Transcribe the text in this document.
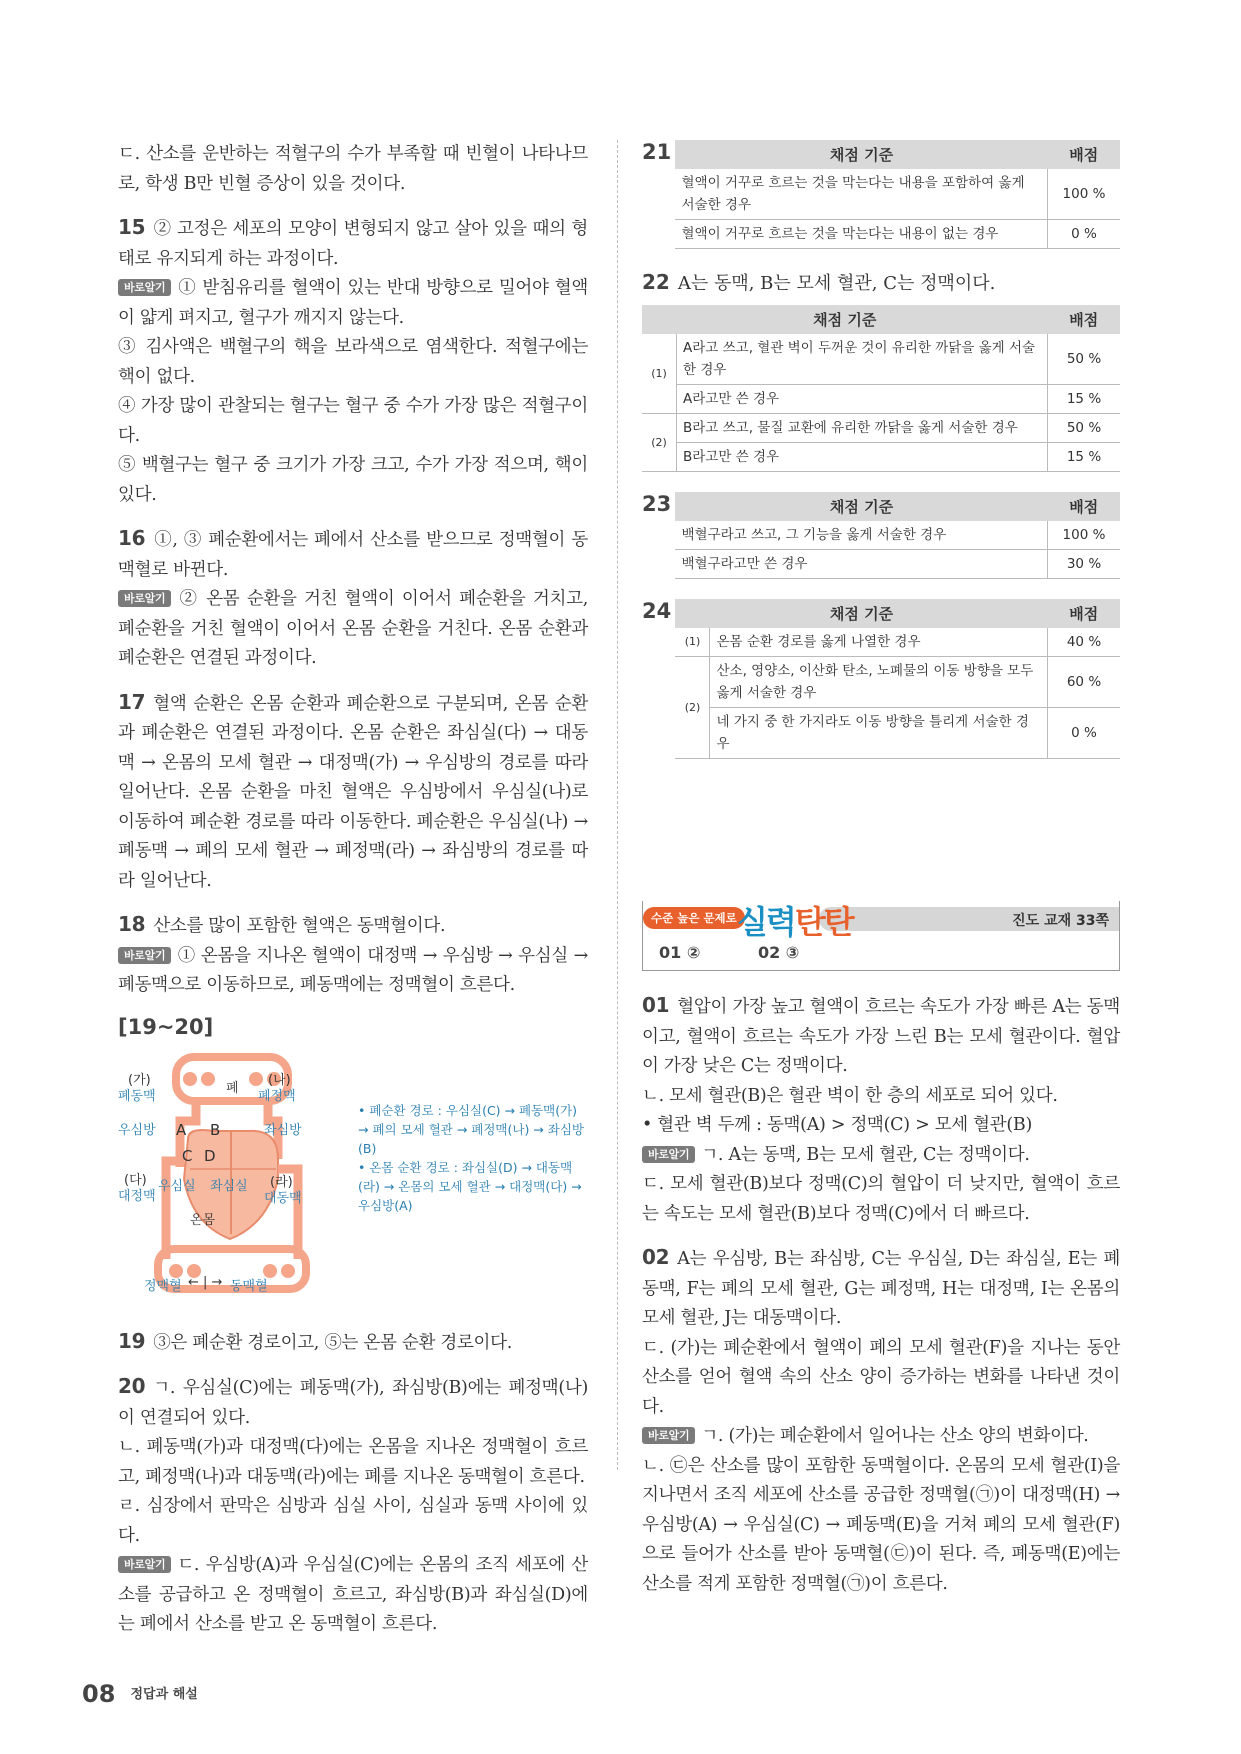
ㄷ. 산소를 운반하는 적혈구의 수가 부족할 때 빈혈이 나타나므로, 학생 B만 빈혈 증상이 있을 것이다.

15 ② 고정은 세포의 모양이 변형되지 않고 살아 있을 때의 형태로 유지되게 하는 과정이다.

바로알기 ① 받침유리를 혈액이 있는 반대 방향으로 밀어야 혈액이 얇게 펴지고, 혈구가 깨지지 않는다.

③ 김사액은 백혈구의 핵을 보라색으로 염색한다. 적혈구에는 핵이 없다.

④ 가장 많이 관찰되는 혈구는 혈구 중 수가 가장 많은 적혈구이다.

⑤ 백혈구는 혈구 중 크기가 가장 크고, 수가 가장 적으며, 핵이 있다.

16 ①, ③ 폐순환에서는 폐에서 산소를 받으므로 정맥혈이 동맥혈로 바뀐다.

바로알기 ② 온몸 순환을 거친 혈액이 이어서 폐순환을 거치고, 폐순환을 거친 혈액이 이어서 온몸 순환을 거친다. 온몸 순환과 폐순환은 연결된 과정이다.

17 혈액 순환은 온몸 순환과 폐순환으로 구분되며, 온몸 순환과 폐순환은 연결된 과정이다. 온몸 순환은 좌심실(다) → 대동맥 → 온몸의 모세 혈관 → 대정맥(가) → 우심방의 경로를 따라 일어난다. 온몸 순환을 마친 혈액은 우심방에서 우심실(나)로 이동하여 폐순환 경로를 따라 이동한다. 폐순환은 우심실(나) → 폐동맥 → 폐의 모세 혈관 → 폐정맥(라) → 좌심방의 경로를 따라 일어난다.

18 산소를 많이 포함한 혈액은 동맥혈이다.

바로알기 ① 온몸을 지나온 혈액이 대정맥 → 우심방 → 우심실 → 폐동맥으로 이동하므로, 폐동맥에는 정맥혈이 흐른다.

[19~20]
(가)
폐동맥
폐
(나)
폐정맥
우심방	좌심방
A B
C D
(다)
대정맥
우심실 좌심실 (라)
대동맥
온몸
정맥혈 ← | → 동맥혈
• 폐순환 경로 : 우심실(C) → 폐동맥(가) → 폐의 모세 혈관 → 폐정맥(나) → 좌심방(B)
• 온몸 순환 경로 : 좌심실(D) → 대동맥(라) → 온몸의 모세 혈관 → 대정맥(다) → 우심방(A)

19 ③은 폐순환 경로이고, ⑤는 온몸 순환 경로이다.

20 ㄱ. 우심실(C)에는 폐동맥(가), 좌심방(B)에는 폐정맥(나)이 연결되어 있다.

ㄴ. 폐동맥(가)과 대정맥(다)에는 온몸을 지나온 정맥혈이 흐르고, 폐정맥(나)과 대동맥(라)에는 폐를 지나온 동맥혈이 흐른다.

ㄹ. 심장에서 판막은 심방과 심실 사이, 심실과 동맥 사이에 있다.

바로알기 ㄷ. 우심방(A)과 우심실(C)에는 온몸의 조직 세포에 산소를 공급하고 온 정맥혈이 흐르고, 좌심방(B)과 좌심실(D)에는 폐에서 산소를 받고 온 동맥혈이 흐른다.

21	채점 기준	배점
혈액이 거꾸로 흐르는 것을 막는다는 내용을 포함하여 옳게 서술한 경우	100 %
혈액이 거꾸로 흐르는 것을 막는다는 내용이 없는 경우	0 %
22 A는 동맥, B는 모세 혈관, C는 정맥이다.
채점 기준		배점
(1)	A라고 쓰고, 혈관 벽이 두꺼운 것이 유리한 까닭을 옳게 서술한 경우	50 %
	A라고만 쓴 경우	15 %
(2)	B라고 쓰고, 물질 교환에 유리한 까닭을 옳게 서술한 경우	50 %
	B라고만 쓴 경우	15 %
23	채점 기준	배점
백혈구라고 쓰고, 그 기능을 옳게 서술한 경우	100 %
백혈구라고만 쓴 경우	30 %
24	채점 기준		배점
(1)	온몸 순환 경로를 옳게 나열한 경우	40 %
(2)	산소, 영양소, 이산화 탄소, 노폐물의 이동 방향을 모두 옳게 서술한 경우	60 %
	네 가지 중 한 가지라도 이동 방향을 틀리게 서술한 경우	0 %
수준 높은 문제로 실력탄탄	진도 교재 33쪽
01 ②	02 ③

01 혈압이 가장 높고 혈액이 흐르는 속도가 가장 빠른 A는 동맥이고, 혈액이 흐르는 속도가 가장 느린 B는 모세 혈관이다. 혈압이 가장 낮은 C는 정맥이다.

ㄴ. 모세 혈관(B)은 혈관 벽이 한 층의 세포로 되어 있다.

• 혈관 벽 두께 : 동맥(A) > 정맥(C) > 모세 혈관(B)

바로알기 ㄱ. A는 동맥, B는 모세 혈관, C는 정맥이다.

ㄷ. 모세 혈관(B)보다 정맥(C)의 혈압이 더 낮지만, 혈액이 흐르는 속도는 모세 혈관(B)보다 정맥(C)에서 더 빠르다.

02 A는 우심방, B는 좌심방, C는 우심실, D는 좌심실, E는 폐동맥, F는 폐의 모세 혈관, G는 폐정맥, H는 대정맥, I는 온몸의 모세 혈관, J는 대동맥이다.

ㄷ. (가)는 폐순환에서 혈액이 폐의 모세 혈관(F)을 지나는 동안 산소를 얻어 혈액 속의 산소 양이 증가하는 변화를 나타낸 것이다.

바로알기 ㄱ. (가)는 폐순환에서 일어나는 산소 양의 변화이다.

ㄴ. ㉢은 산소를 많이 포함한 동맥혈이다. 온몸의 모세 혈관(I)을 지나면서 조직 세포에 산소를 공급한 정맥혈(㉠)이 대정맥(H) → 우심방(A) → 우심실(C) → 폐동맥(E)을 거쳐 폐의 모세 혈관(F)으로 들어가 산소를 받아 동맥혈(㉢)이 된다. 즉, 폐동맥(E)에는 산소를 적게 포함한 정맥혈(㉠)이 흐른다.

08 $^{정답과 해설}$
